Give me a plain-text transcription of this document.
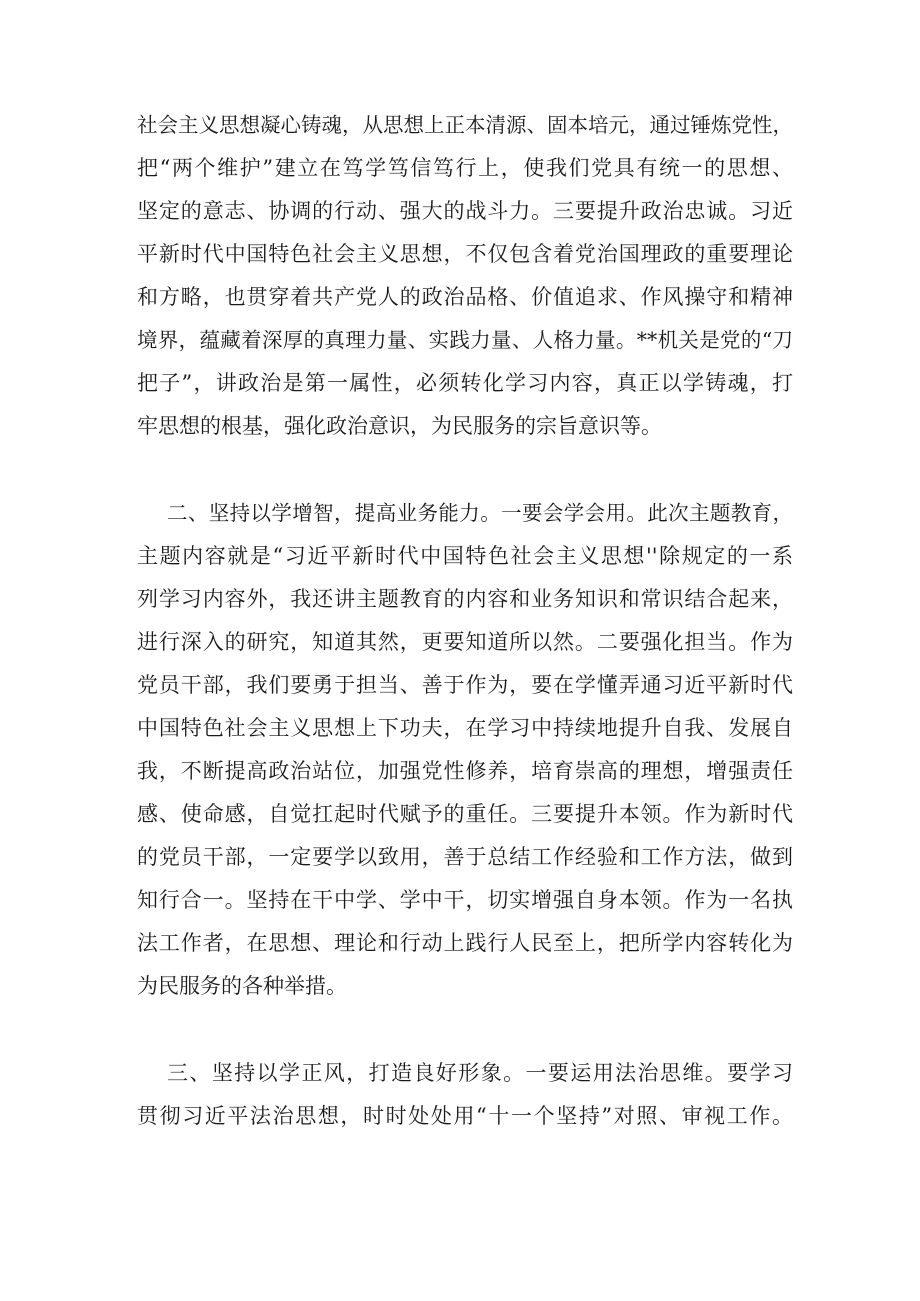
社会主义思想凝心铸魂，从思想上正本清源、固本培元，通过锤炼党性，
把“两个维护”建立在笃学笃信笃行上，使我们党具有统一的思想、
坚定的意志、协调的行动、强大的战斗力。三要提升政治忠诚。习近
平新时代中国特色社会主义思想，不仅包含着党治国理政的重要理论
和方略，也贯穿着共产党人的政治品格、价值追求、作风操守和精神
境界，蕴藏着深厚的真理力量、实践力量、人格力量。**机关是党的“刀
把子”，讲政治是第一属性，必须转化学习内容，真正以学铸魂，打
牢思想的根基，强化政治意识，为民服务的宗旨意识等。
二、坚持以学增智，提高业务能力。一要会学会用。此次主题教育，
主题内容就是“习近平新时代中国特色社会主义思想''除规定的一系
列学习内容外，我还讲主题教育的内容和业务知识和常识结合起来，
进行深入的研究，知道其然，更要知道所以然。二要强化担当。作为
党员干部，我们要勇于担当、善于作为，要在学懂弄通习近平新时代
中国特色社会主义思想上下功夫，在学习中持续地提升自我、发展自
我，不断提高政治站位，加强党性修养，培育崇高的理想，增强责任
感、使命感，自觉扛起时代赋予的重任。三要提升本领。作为新时代
的党员干部，一定要学以致用，善于总结工作经验和工作方法，做到
知行合一。坚持在干中学、学中干，切实增强自身本领。作为一名执
法工作者，在思想、理论和行动上践行人民至上，把所学内容转化为
为民服务的各种举措。
三、坚持以学正风，打造良好形象。一要运用法治思维。要学习
贯彻习近平法治思想，时时处处用“十一个坚持”对照、审视工作。
